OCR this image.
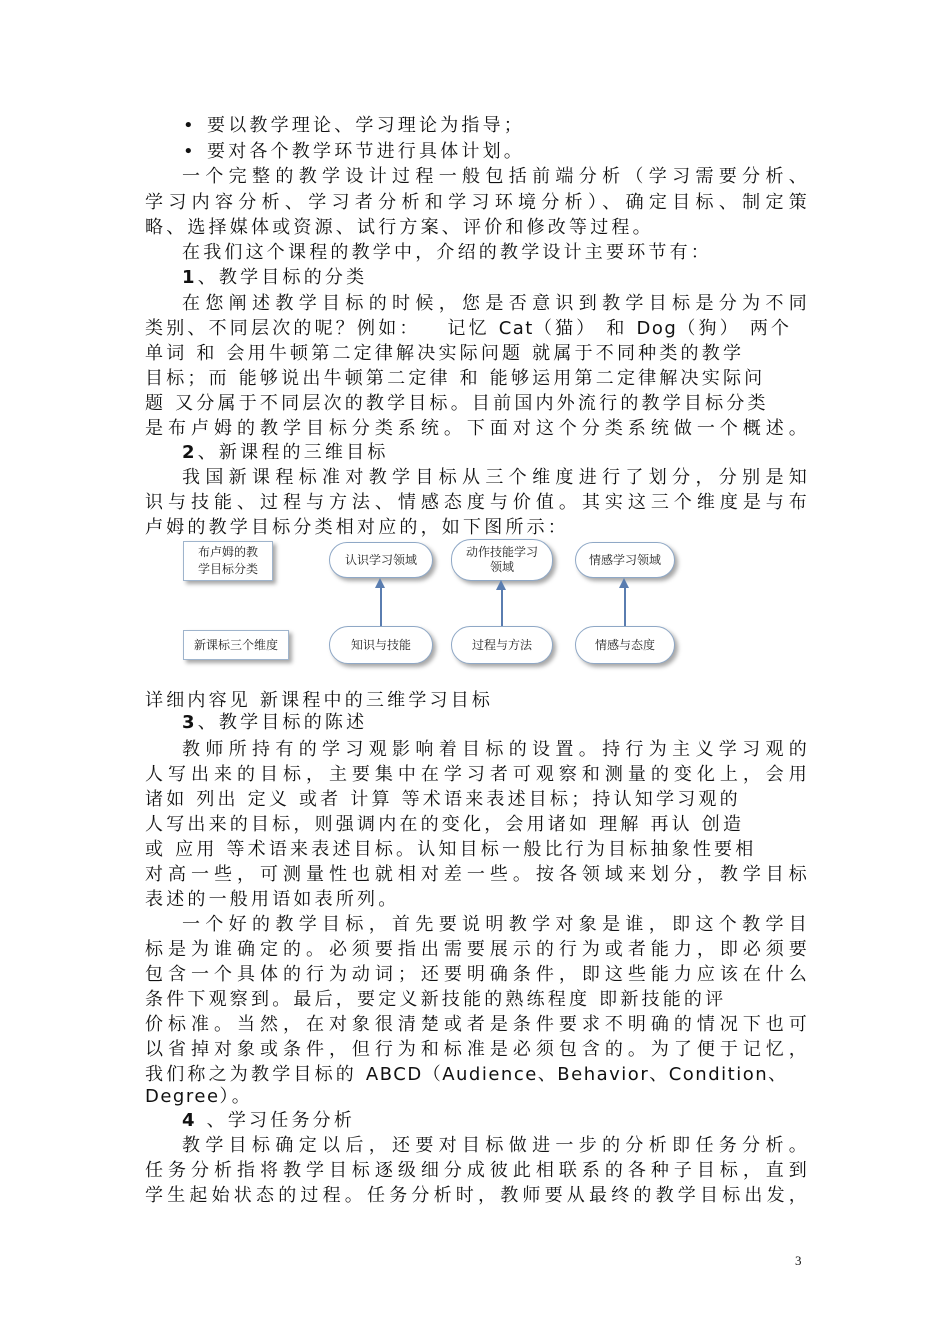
• 要以教学理论、学习理论为指导；
• 要对各个教学环节进行具体计划。
一个完整的教学设计过程一般包括前端分析（学习需要分析、
学习内容分析、学习者分析和学习环境分析）、确定目标、制定策
略、选择媒体或资源、试行方案、评价和修改等过程。
在我们这个课程的教学中，介绍的教学设计主要环节有：
1、教学目标的分类
在您阐述教学目标的时候，您是否意识到教学目标是分为不同
类别、不同层次的呢？例如： 记忆 Cat（猫） 和 Dog（狗） 两个
单词 和 会用牛顿第二定律解决实际问题 就属于不同种类的教学
目标；而 能够说出牛顿第二定律 和 能够运用第二定律解决实际问
题 又分属于不同层次的教学目标。目前国内外流行的教学目标分类
是布卢姆的教学目标分类系统。下面对这个分类系统做一个概述。
2、新课程的三维目标
我国新课程标准对教学目标从三个维度进行了划分，分别是知
识与技能、过程与方法、情感态度与价值。其实这三个维度是与布
卢姆的教学目标分类相对应的，如下图所示：
布卢姆的教
学目标分类
新课标三个维度
认识学习领域
动作技能学习
领域
情感学习领域
知识与技能	过程与方法	情感与态度
详细内容见 新课程中的三维学习目标
3、教学目标的陈述
教师所持有的学习观影响着目标的设置。持行为主义学习观的
人写出来的目标，主要集中在学习者可观察和测量的变化上，会用
诸如 列出 定义 或者 计算 等术语来表述目标；持认知学习观的
人写出来的目标，则强调内在的变化，会用诸如 理解 再认 创造
或 应用 等术语来表述目标。认知目标一般比行为目标抽象性要相
对高一些，可测量性也就相对差一些。按各领域来划分，教学目标
表述的一般用语如表所列。
一个好的教学目标，首先要说明教学对象是谁，即这个教学目
标是为谁确定的。必须要指出需要展示的行为或者能力，即必须要
包含一个具体的行为动词；还要明确条件，即这些能力应该在什么
条件下观察到。最后，要定义新技能的熟练程度 即新技能的评
价标准。当然，在对象很清楚或者是条件要求不明确的情况下也可
以省掉对象或条件，但行为和标准是必须包含的。为了便于记忆，
我们称之为教学目标的 ABCD（Audience、Behavior、Condition、
Degree）。
4 、学习任务分析
教学目标确定以后，还要对目标做进一步的分析即任务分析。
任务分析指将教学目标逐级细分成彼此相联系的各种子目标，直到
学生起始状态的过程。任务分析时，教师要从最终的教学目标出发，
3
